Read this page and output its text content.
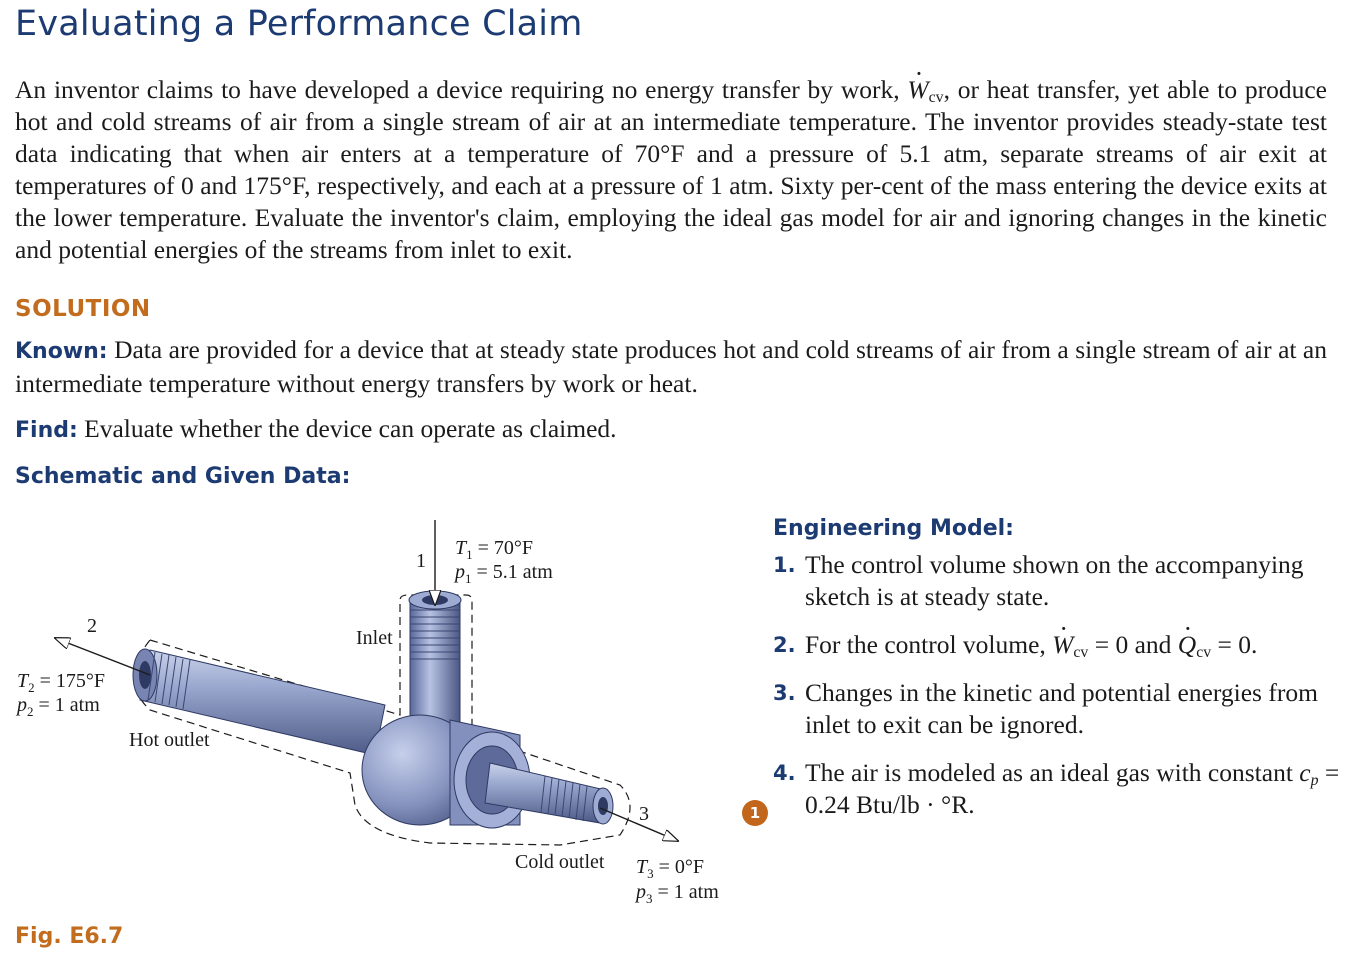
Evaluating a Performance Claim

An inventor claims to have developed a device requiring no energy transfer by work, · $W_{cv}$, or heat transfer, yet able to produce hot and cold streams of air from a single stream of air at an intermediate temperature. The inventor provides steady-state test data indicating that when air enters at a temperature of 70°F and a pressure of 5.1 atm, separate streams of air exit at temperatures of 0 and 175°F, respectively, and each at a pressure of 1 atm. Sixty per-cent of the mass entering the device exits at the lower temperature. Evaluate the inventor's claim, employing the ideal gas model for air and ignoring changes in the kinetic and potential energies of the streams from inlet to exit.

SOLUTION

Known: Data are provided for a device that at steady state produces hot and cold streams of air from a single stream of air at an intermediate temperature without energy transfers by work or heat.

Find: Evaluate whether the device can operate as claimed.

Schematic and Given Data:
1
$T_1 = 70^\circ F$
$p_1 = 5.1$ atm
Inlet
2
$T_2 = 175^\circ F$
$p_2 = 1$ atm
Hot outlet
3
Cold outlet $T_3 = 0^\circ F$
$p_3 = 1$ atm
Engineering Model:
1. The control volume shown on the accompanying sketch is at steady state.
2. For the control volume, · $W_{cv} = 0$ and · $Q_{cv} = 0$.
3. Changes in the kinetic and potential energies from inlet to exit can be ignored.
4. The air is modeled as an ideal gas with constant $c_p = 0.24$ Btu/lb · °R.
1
Fig. E6.7
